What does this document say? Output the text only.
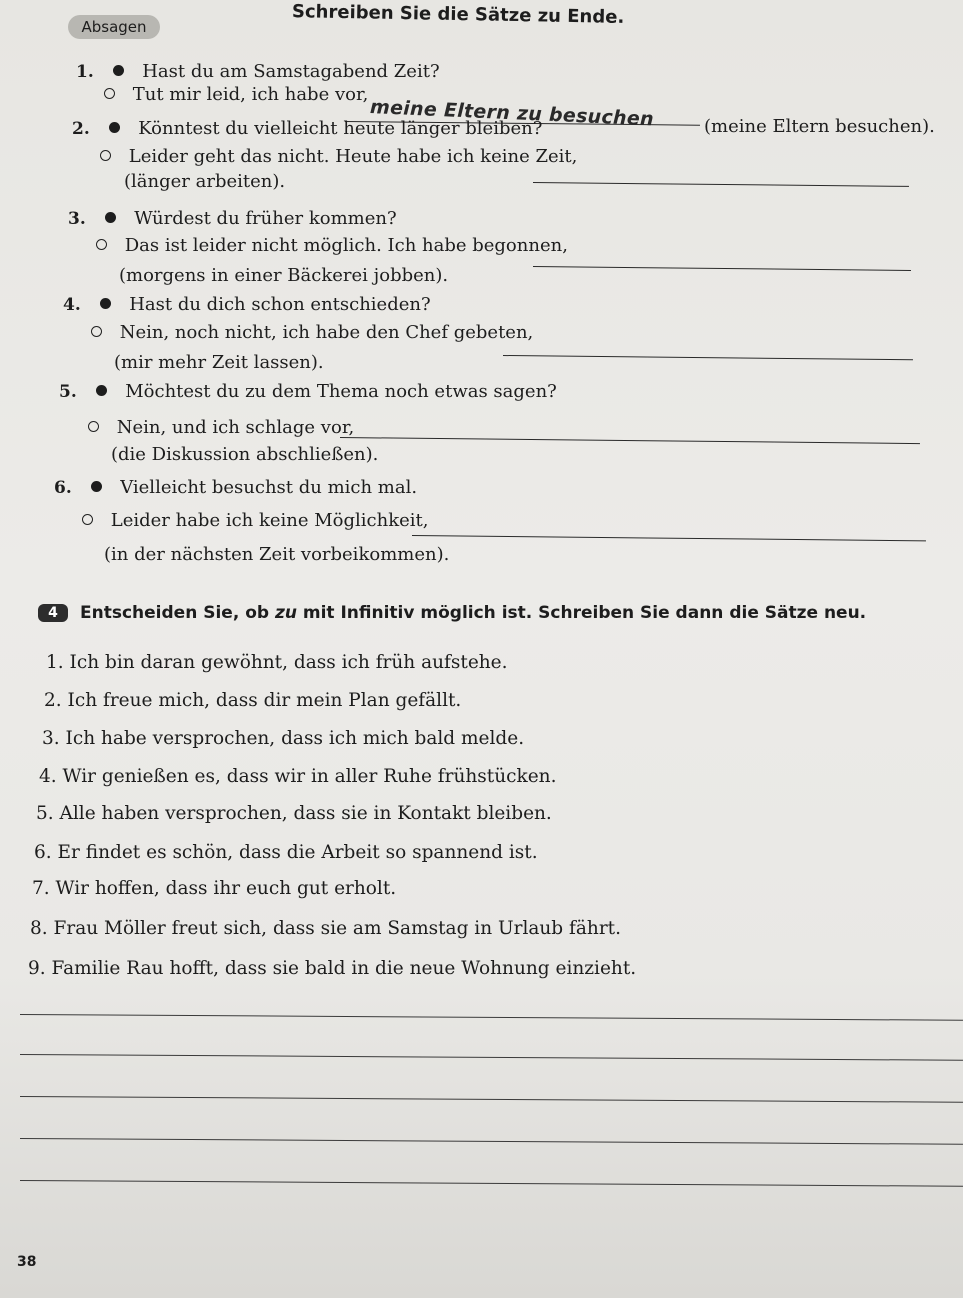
Schreiben Sie die Sätze zu Ende.
Absagen
1.	Hast du am Samstagabend Zeit?
Tut mir leid, ich habe vor,
meine Eltern zu besuchen	(meine Eltern besuchen).
2.	Könntest du vielleicht heute länger bleiben?
Leider geht das nicht. Heute habe ich keine Zeit,
(länger arbeiten).
3.	Würdest du früher kommen?
Das ist leider nicht möglich. Ich habe begonnen,
(morgens in einer Bäckerei jobben).
4.	Hast du dich schon entschieden?
Nein, noch nicht, ich habe den Chef gebeten,
(mir mehr Zeit lassen).
5.	Möchtest du zu dem Thema noch etwas sagen?
Nein, und ich schlage vor,
(die Diskussion abschließen).
6.	Vielleicht besuchst du mich mal.
Leider habe ich keine Möglichkeit,
(in der nächsten Zeit vorbeikommen).
4	Entscheiden Sie, ob zu mit Infinitiv möglich ist. Schreiben Sie dann die Sätze neu.
1. Ich bin daran gewöhnt, dass ich früh aufstehe.
2. Ich freue mich, dass dir mein Plan gefällt.
3. Ich habe versprochen, dass ich mich bald melde.
4. Wir genießen es, dass wir in aller Ruhe frühstücken.
5. Alle haben versprochen, dass sie in Kontakt bleiben.
6. Er findet es schön, dass die Arbeit so spannend ist.
7. Wir hoffen, dass ihr euch gut erholt.
8. Frau Möller freut sich, dass sie am Samstag in Urlaub fährt.
9. Familie Rau hofft, dass sie bald in die neue Wohnung einzieht.
38
